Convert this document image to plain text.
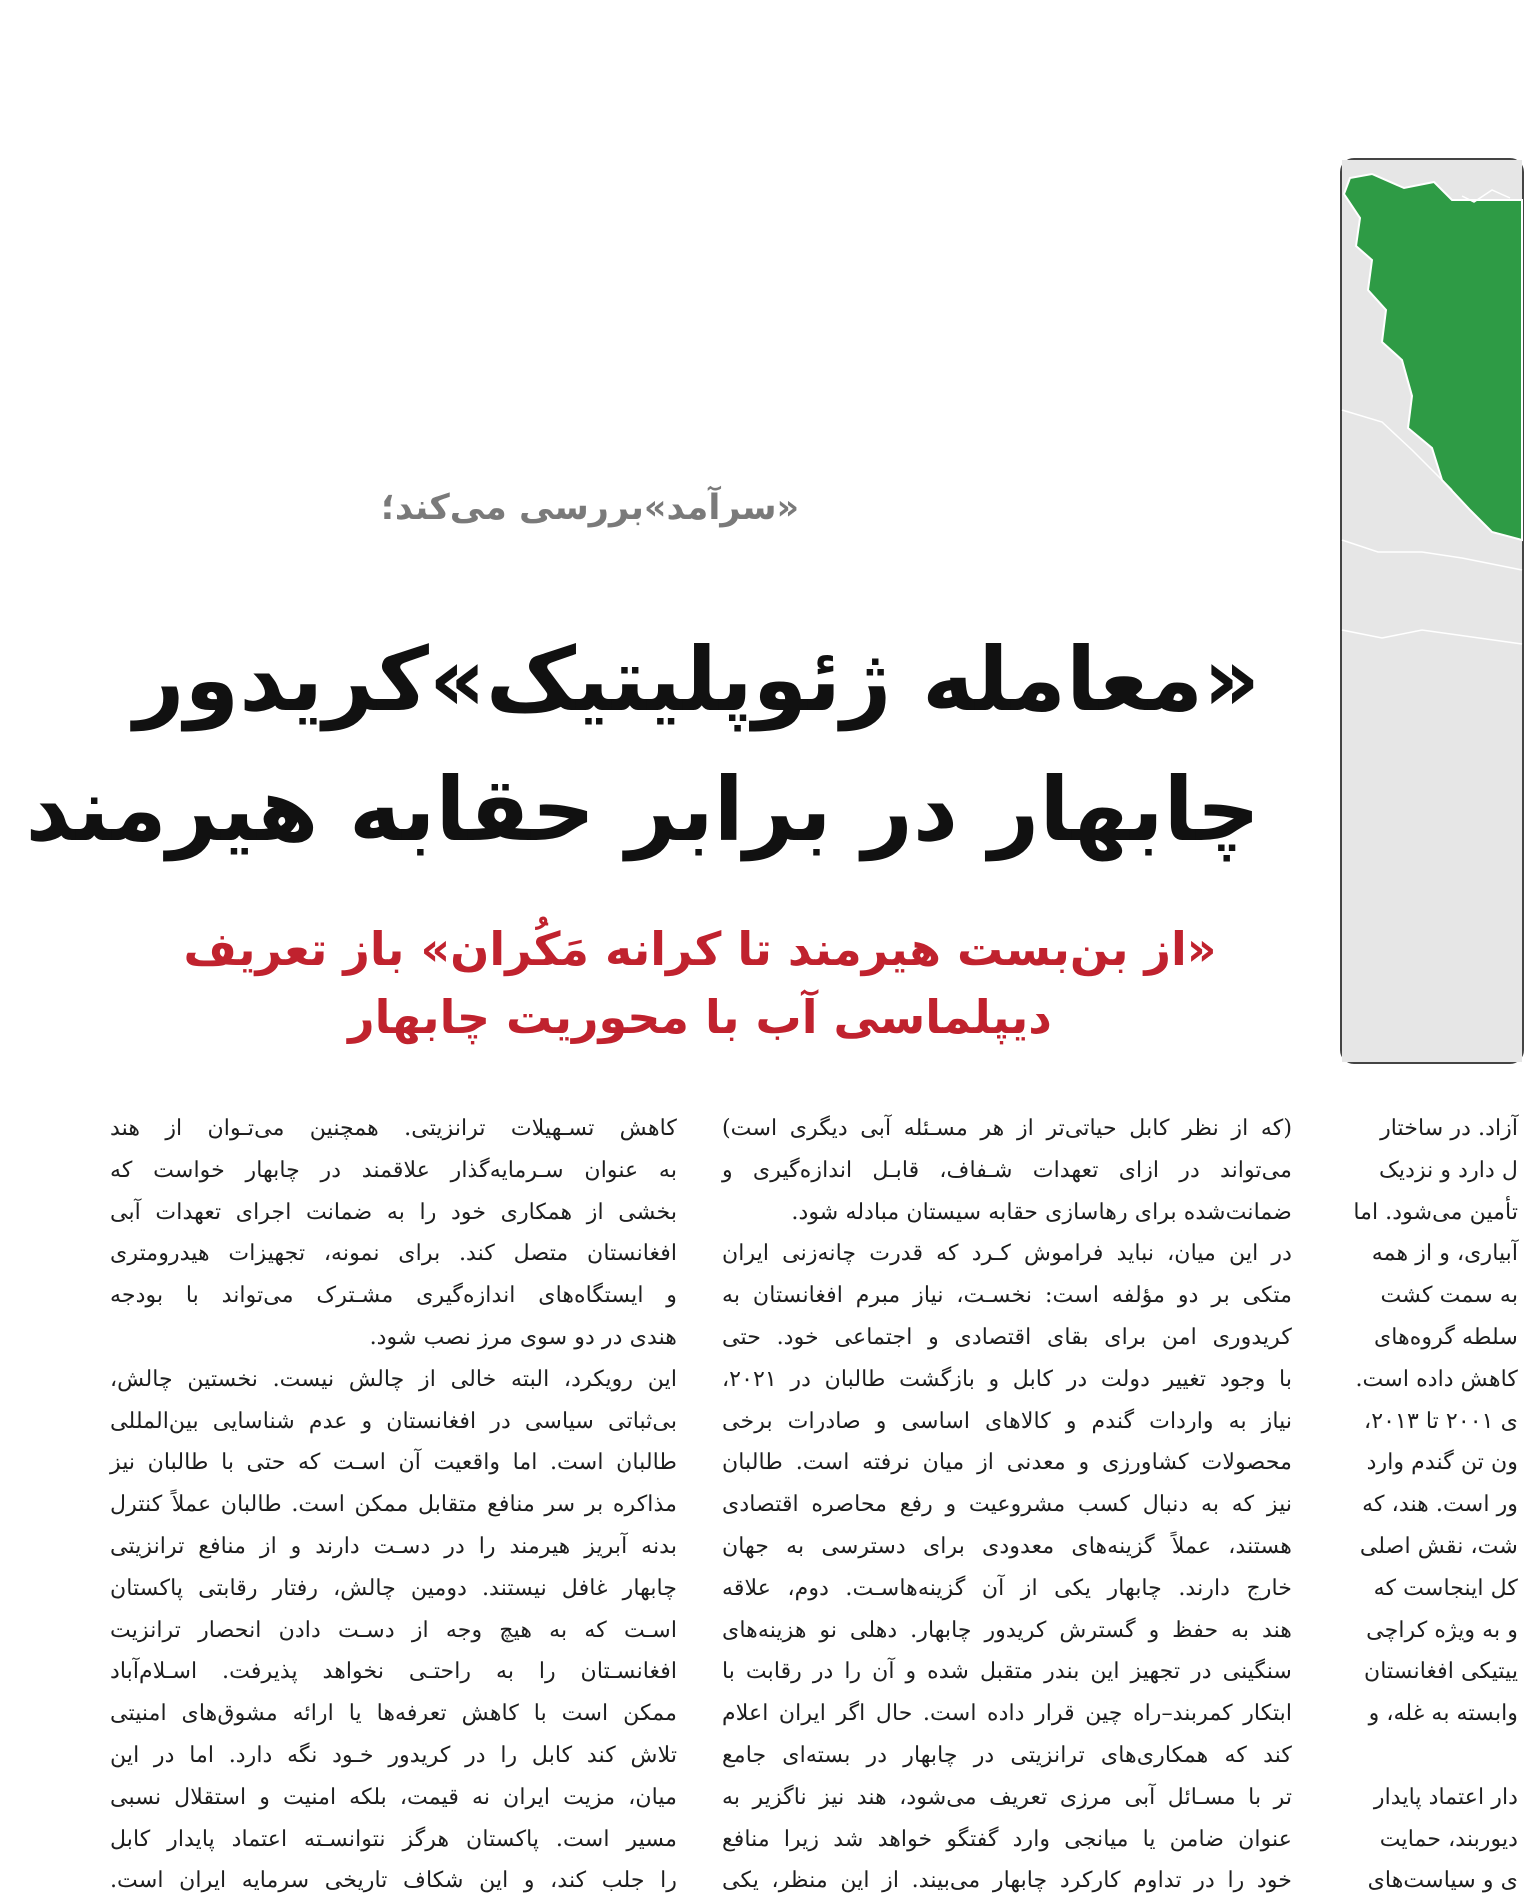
«سرآمد»بررسی می‌کند؛
«معامله ژئوپلیتیک»کریدور
چابهار در برابر حقابه هیرمند
«از بن‌بست هیرمند تا کرانه مَکُران» باز تعریف
دیپلماسی آب با محوریت چابهار
کاهش تسـهیلات ترانزیتی. همچنین می‌تـوان از هند
به عنوان سـرمایه‌گذار علاقمند در چابهار خواست که
بخشی از همکاری خود را به ضمانت اجرای تعهدات آبی
افغانستان متصل کند. برای نمونه، تجهیزات هیدرومتری
و ایستگاه‌های اندازه‌گیری مشـترک می‌تواند با بودجه
هندی در دو سوی مرز نصب شود.
این رویکرد، البته خالی از چالش نیست. نخستین چالش،
بی‌ثباتی سیاسی در افغانستان و عدم شناسایی بین‌المللی
طالبان است. اما واقعیت آن اسـت که حتی با طالبان نیز
مذاکره بر سر منافع متقابل ممکن است. طالبان عملاً کنترل
بدنه آبریز هیرمند را در دسـت دارند و از منافع ترانزیتی
چابهار غافل نیستند. دومین چالش، رفتار رقابتی پاکستان
اسـت که به هیچ وجه از دسـت دادن انحصار ترانزیت
افغانسـتان را به راحتـی نخواهد پذیرفت. اسـلام‌آباد
ممکن است با کاهش تعرفه‌ها یا ارائه مشوق‌های امنیتی
تلاش کند کابل را در کریدور خـود نگه دارد. اما در این
میان، مزیت ایران نه قیمت، بلکه امنیت و استقلال نسبی
مسیر است. پاکستان هرگز نتوانسـته اعتماد پایدار کابل
را جلب کند، و این شکاف تاریخی سرمایه ایران است.
(که از نظر کابل حیاتی‌تر از هر مسـئله آبی دیگری است)
می‌تواند در ازای تعهدات شـفاف، قابـل اندازه‌گیری و
ضمانت‌شده برای رهاسازی حقابه سیستان مبادله شود.
در این میان، نباید فراموش کـرد که قدرت چانه‌زنی ایران
متکی بر دو مؤلفه است: نخسـت، نیاز مبرم افغانستان به
کریدوری امن برای بقای اقتصادی و اجتماعی خود. حتی
با وجود تغییر دولت در کابل و بازگشت طالبان در ۲۰۲۱،
نیاز به واردات گندم و کالاهای اساسی و صادرات برخی
محصولات کشاورزی و معدنی از میان نرفته است. طالبان
نیز که به دنبال کسب مشروعیت و رفع محاصره اقتصادی
هستند، عملاً گزینه‌های معدودی برای دسترسی به جهان
خارج دارند. چابهار یکی از آن گزینه‌هاسـت. دوم، علاقه
هند به حفظ و گسترش کریدور چابهار. دهلی نو هزینه‌های
سنگینی در تجهیز این بندر متقبل شده و آن را در رقابت با
ابتکار کمربند–راه چین قرار داده است. حال اگر ایران اعلام
کند که همکاری‌های ترانزیتی در چابهار در بسته‌ای جامع
تر با مسـائل آبی مرزی تعریف می‌شود، هند نیز ناگزیر به
عنوان ضامن یا میانجی وارد گفتگو خواهد شد زیرا منافع
خود را در تداوم کارکرد چابهار می‌بیند. از این منظر، یکی
آزاد. در ساختار
ل دارد و نزدیک
تأمین می‌شود. اما
آبیاری، و از همه
به سمت کشت
سلطه گروه‌های
کاهش داده است.
ی ۲۰۰۱ تا ۲۰۱۳،
ون تن گندم وارد
ور است. هند، که
شت، نقش اصلی
کل اینجاست که
و به ویژه کراچی
ییتیکی افغانستان
وابسته به غله، و
دار اعتماد پایدار
دیوربند، حمایت
ی و سیاست‌های
